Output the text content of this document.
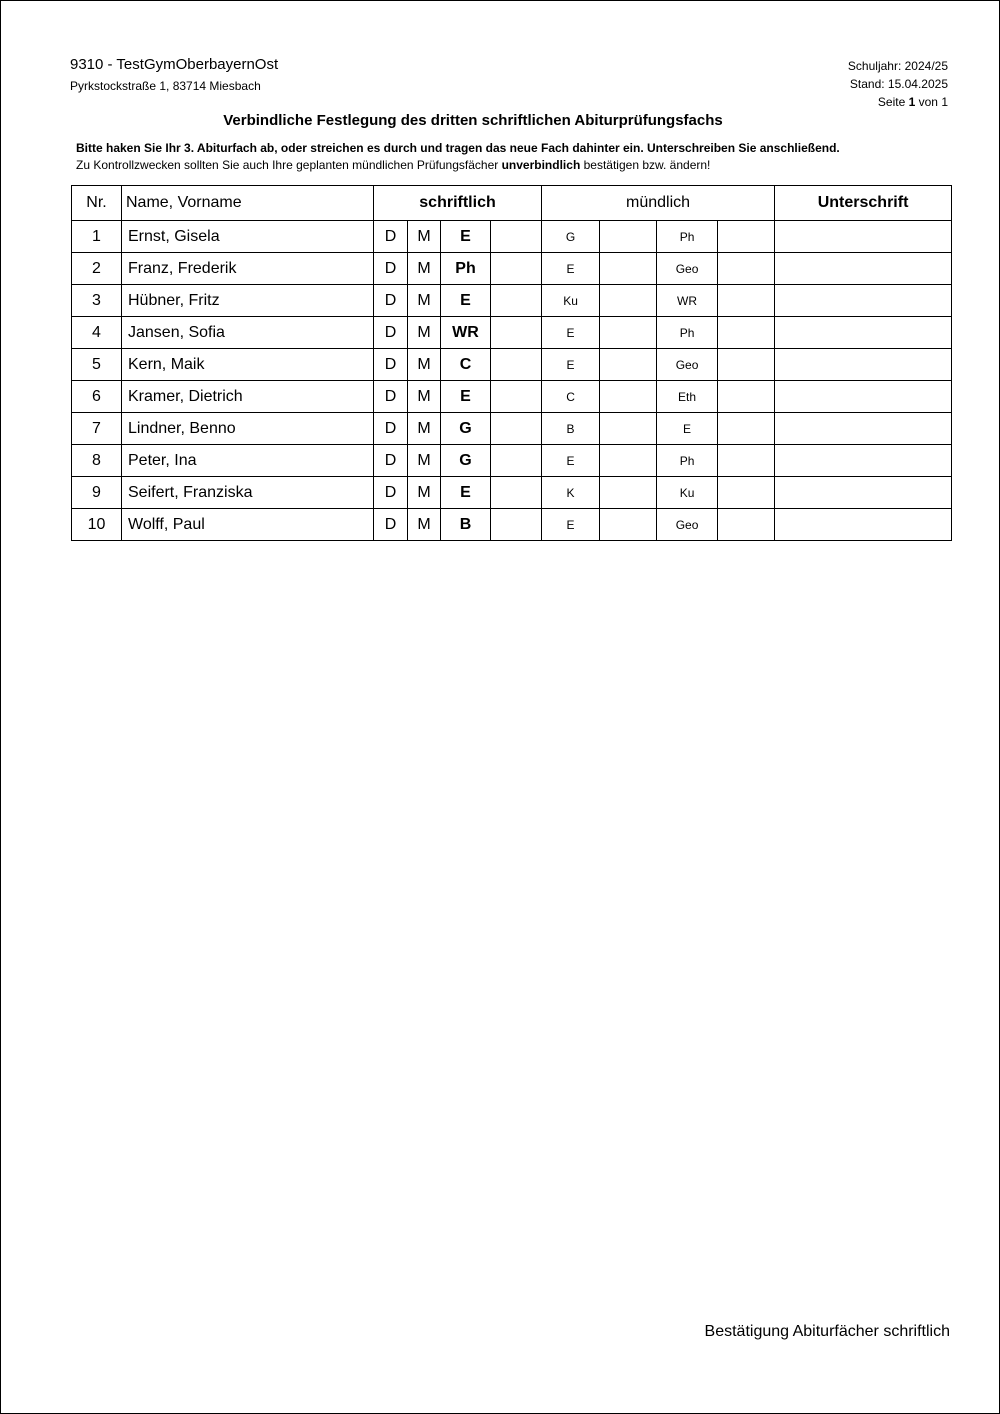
9310 - TestGymOberbayernOst
Pyrkstockstraße 1, 83714 Miesbach
Schuljahr: 2024/25
Stand: 15.04.2025
Seite 1 von 1
Verbindliche Festlegung des dritten schriftlichen Abiturprüfungsfachs
Bitte haken Sie Ihr 3. Abiturfach ab, oder streichen es durch und tragen das neue Fach dahinter ein. Unterschreiben Sie anschließend.
Zu Kontrollzwecken sollten Sie auch Ihre geplanten mündlichen Prüfungsfächer unverbindlich bestätigen bzw. ändern!
Nr.	Name, Vorname	schriftlich				mündlich				Unterschrift
1	Ernst, Gisela	D	M	E		G		Ph		
2	Franz, Frederik	D	M	Ph		E		Geo		
3	Hübner, Fritz	D	M	E		Ku		WR		
4	Jansen, Sofia	D	M	WR		E		Ph		
5	Kern, Maik	D	M	C		E		Geo		
6	Kramer, Dietrich	D	M	E		C		Eth		
7	Lindner, Benno	D	M	G		B		E		
8	Peter, Ina	D	M	G		E		Ph		
9	Seifert, Franziska	D	M	E		K		Ku		
10	Wolff, Paul	D	M	B		E		Geo		
Bestätigung Abiturfächer schriftlich
